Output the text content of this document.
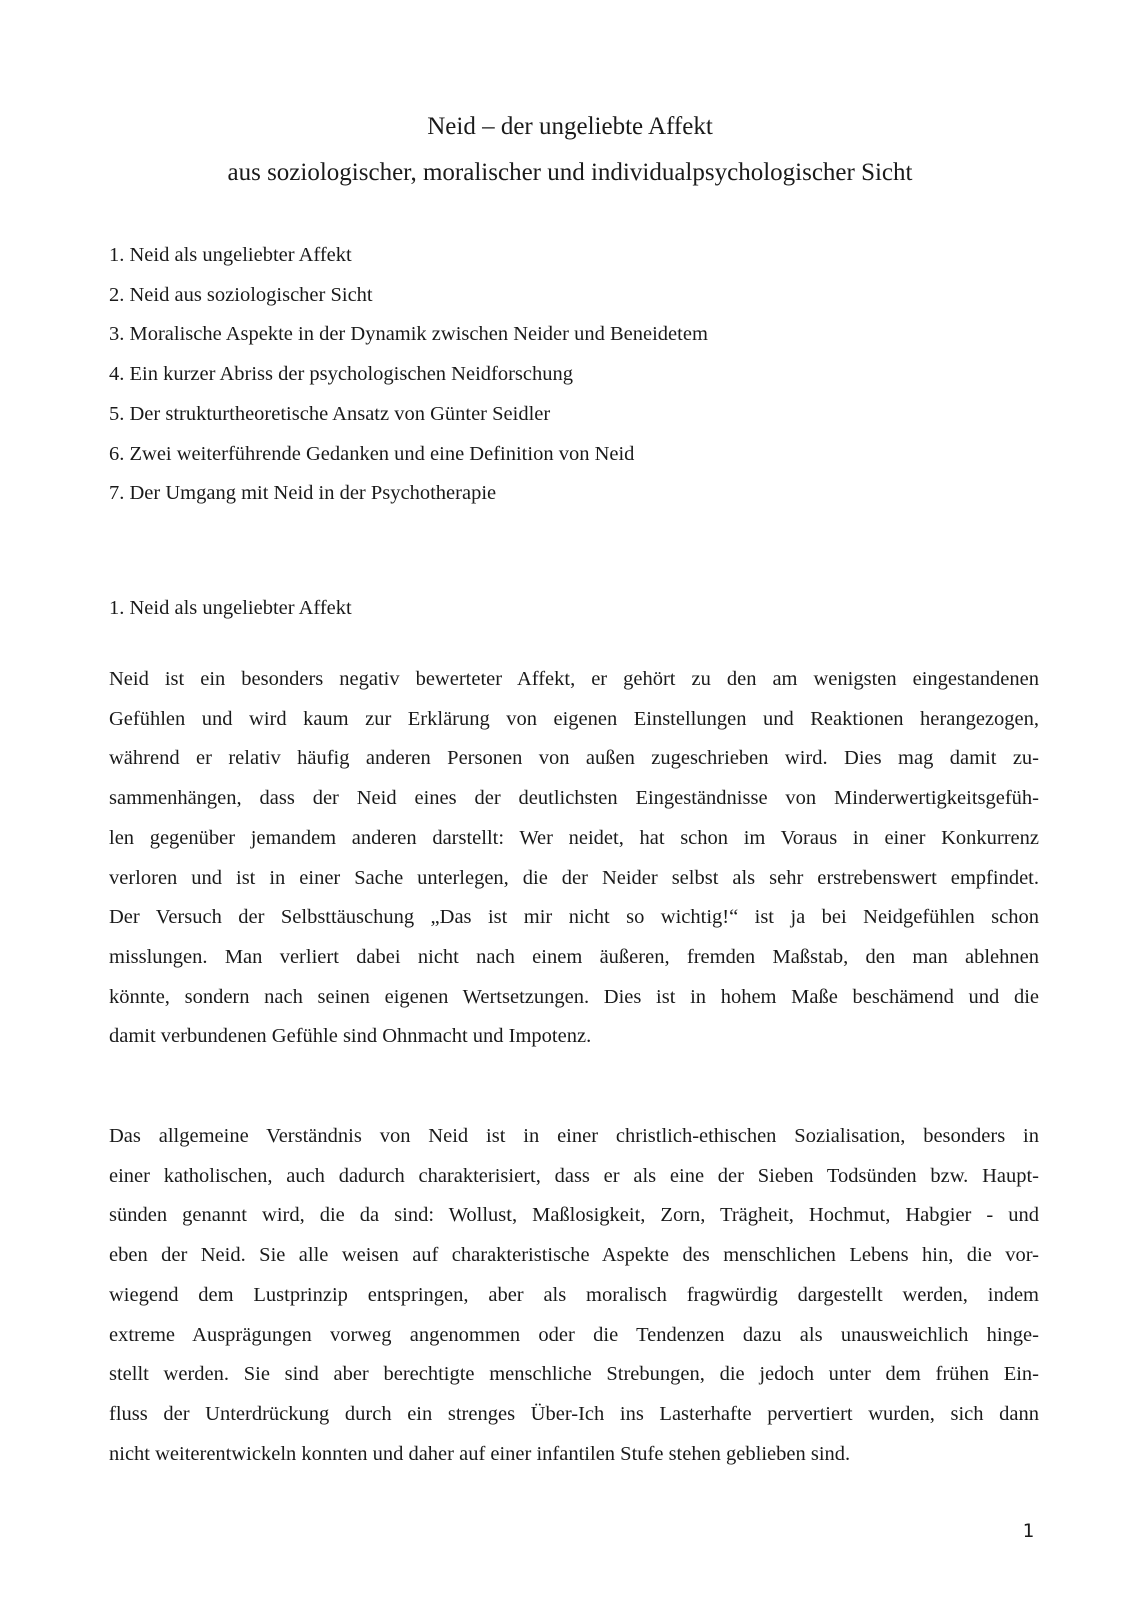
Neid – der ungeliebte Affekt
aus soziologischer, moralischer und individualpsychologischer Sicht
1. Neid als ungeliebter Affekt
2. Neid aus soziologischer Sicht
3. Moralische Aspekte in der Dynamik zwischen Neider und Beneidetem
4. Ein kurzer Abriss der psychologischen Neidforschung
5. Der strukturtheoretische Ansatz von Günter Seidler
6. Zwei weiterführende Gedanken und eine Definition von Neid
7. Der Umgang mit Neid in der Psychotherapie
1. Neid als ungeliebter Affekt
Neid ist ein besonders negativ bewerteter Affekt, er gehört zu den am wenigsten eingestandenen
Gefühlen und wird kaum zur Erklärung von eigenen Einstellungen und Reaktionen herangezogen,
während er relativ häufig anderen Personen von außen zugeschrieben wird. Dies mag damit zu-
sammenhängen, dass der Neid eines der deutlichsten Eingeständnisse von Minderwertigkeitsgefüh-
len gegenüber jemandem anderen darstellt: Wer neidet, hat schon im Voraus in einer Konkurrenz
verloren und ist in einer Sache unterlegen, die der Neider selbst als sehr erstrebenswert empfindet.
Der Versuch der Selbsttäuschung „Das ist mir nicht so wichtig!“ ist ja bei Neidgefühlen schon
misslungen. Man verliert dabei nicht nach einem äußeren, fremden Maßstab, den man ablehnen
könnte, sondern nach seinen eigenen Wertsetzungen. Dies ist in hohem Maße beschämend und die
damit verbundenen Gefühle sind Ohnmacht und Impotenz.
Das allgemeine Verständnis von Neid ist in einer christlich-ethischen Sozialisation, besonders in
einer katholischen, auch dadurch charakterisiert, dass er als eine der Sieben Todsünden bzw. Haupt-
sünden genannt wird, die da sind: Wollust, Maßlosigkeit, Zorn, Trägheit, Hochmut, Habgier - und
eben der Neid. Sie alle weisen auf charakteristische Aspekte des menschlichen Lebens hin, die vor-
wiegend dem Lustprinzip entspringen, aber als moralisch fragwürdig dargestellt werden, indem
extreme Ausprägungen vorweg angenommen oder die Tendenzen dazu als unausweichlich hinge-
stellt werden. Sie sind aber berechtigte menschliche Strebungen, die jedoch unter dem frühen Ein-
fluss der Unterdrückung durch ein strenges Über-Ich ins Lasterhafte pervertiert wurden, sich dann
nicht weiterentwickeln konnten und daher auf einer infantilen Stufe stehen geblieben sind.
1
